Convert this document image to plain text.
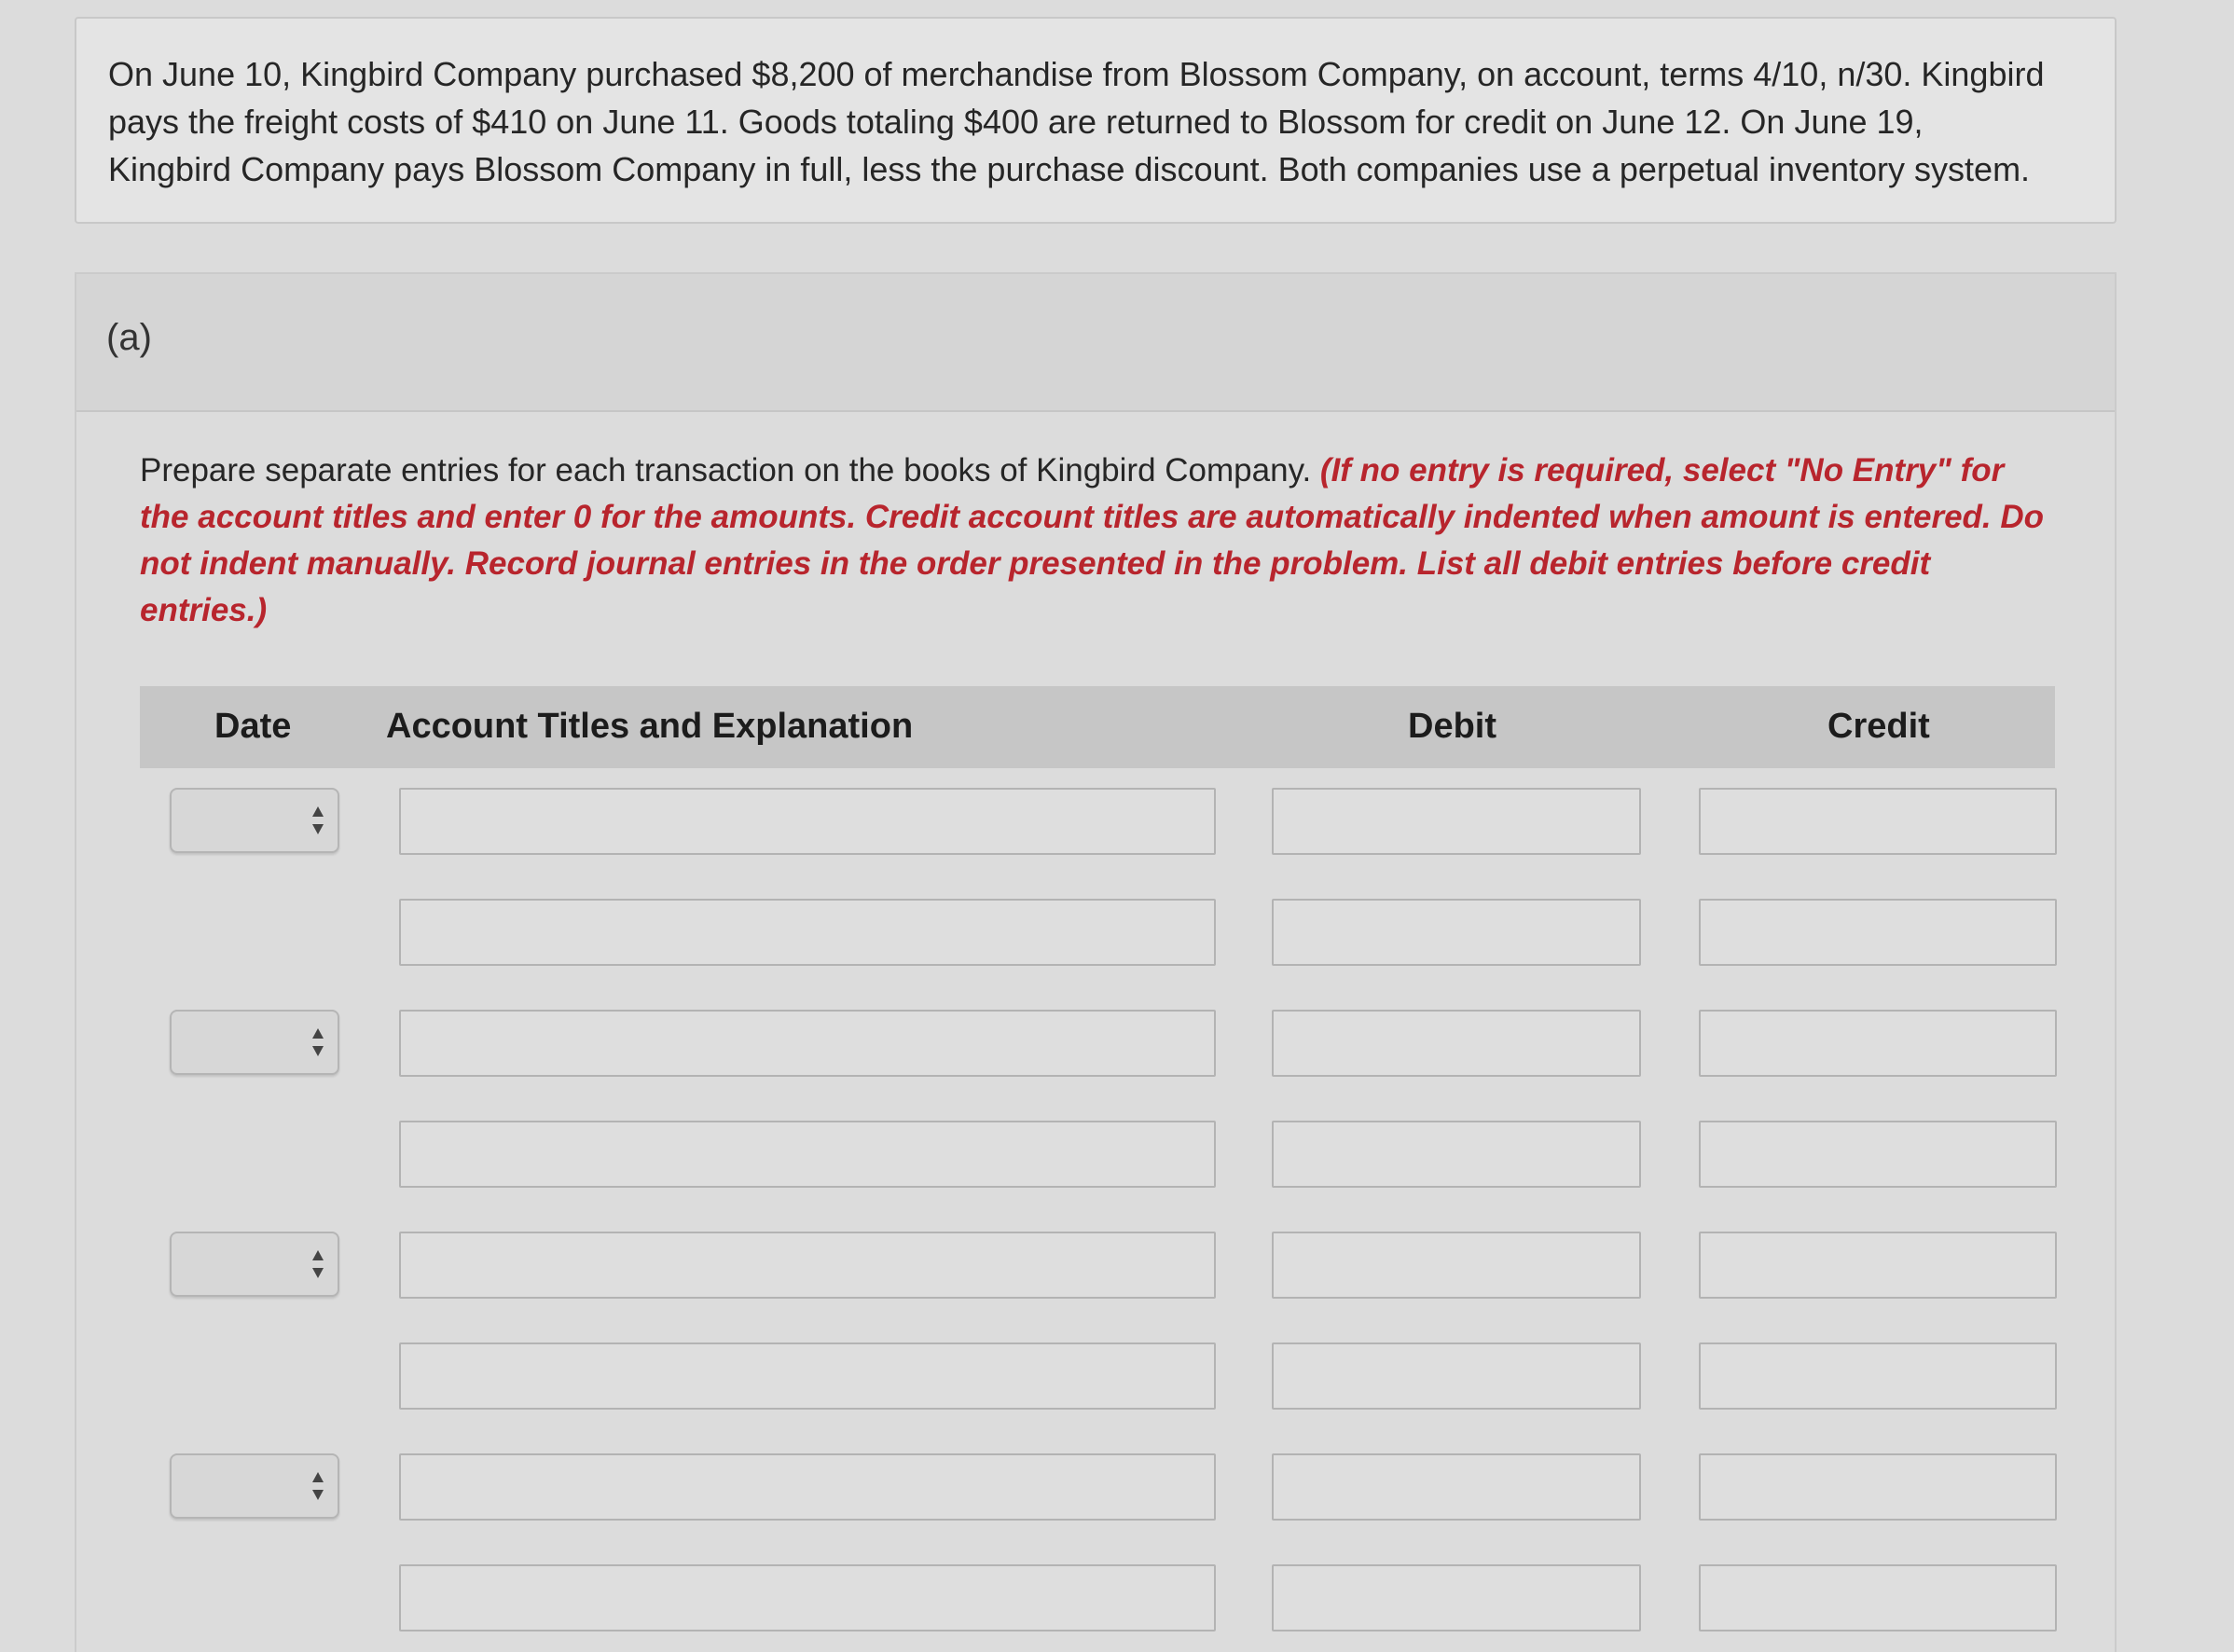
On June 10, Kingbird Company purchased $8,200 of merchandise from Blossom Company, on account, terms 4/10, n/30. Kingbird
pays the freight costs of $410 on June 11. Goods totaling $400 are returned to Blossom for credit on June 12. On June 19,
Kingbird Company pays Blossom Company in full, less the purchase discount. Both companies use a perpetual inventory system.

(a)

Prepare separate entries for each transaction on the books of Kingbird Company. (If no entry is required, select "No Entry" for the account titles and enter 0 for the amounts. Credit account titles are automatically indented when amount is entered. Do not indent manually. Record journal entries in the order presented in the problem. List all debit entries before credit entries.)

Date	Account Titles and Explanation	Debit	Credit
